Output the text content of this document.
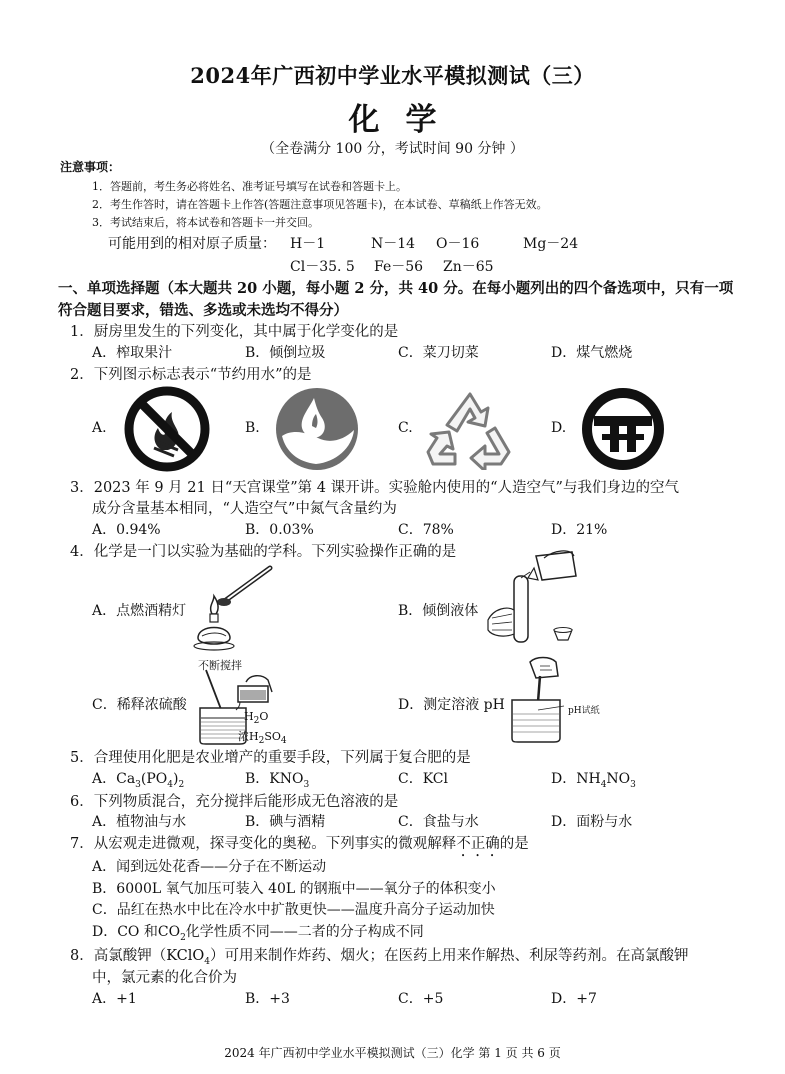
2024年广西初中学业水平模拟测试（三）
化学
（全卷满分 100 分，考试时间 90 分钟 ）
注意事项：
1．答题前，考生务必将姓名、准考证号填写在试卷和答题卡上。
2．考生作答时，请在答题卡上作答(答题注意事项见答题卡)，在本试卷、草稿纸上作答无效。
3．考试结束后，将本试卷和答题卡一并交回。
可能用到的相对原子质量： H－1	N－14 O－16	Mg－24
Cl－35. 5 Fe－56 Zn－65
一、单项选择题（本大题共 20 小题，每小题 2 分，共 40 分。在每小题列出的四个备选项中，只有一项符合题目要求，错选、多选或未选均不得分）
1．厨房里发生的下列变化，其中属于化学变化的是
A．榨取果汁	B．倾倒垃圾	C．菜刀切菜	D．煤气燃烧
2．下列图示标志表示“节约用水”的是
A.	B.	C.	D.
3．2023 年 9 月 21 日“天宫课堂”第 4 课开讲。实验舱内使用的“人造空气”与我们身边的空气
成分含量基本相同，“人造空气”中氮气含量约为
A．0.94%	B．0.03%	C．78%	D．21%
4．化学是一门以实验为基础的学科。下列实验操作正确的是
A．点燃酒精灯	B．倾倒液体
C．稀释浓硫酸	D．测定溶液 pH
不断搅拌
$H_2O$
浓$H_2SO_4$
pH试纸
5．合理使用化肥是农业增产的重要手段，下列属于复合肥的是
A．$Ca_3(PO_4)_2$	B．$KNO_3$	C．KCl	D．$NH_4NO_3$
6．下列物质混合，充分搅拌后能形成无色溶液的是
A．植物油与水	B．碘与酒精	C．食盐与水	D．面粉与水
7．从宏观走进微观，探寻变化的奥秘。下列事实的微观解释不正确的是
A．闻到远处花香——分子在不断运动
B．6000L 氧气加压可装入 40L 的钢瓶中——氧分子的体积变小
C．品红在热水中比在冷水中扩散更快——温度升高分子运动加快
D．CO 和$CO_2$化学性质不同——二者的分子构成不同
8．高氯酸钾（KClO$_4$）可用来制作炸药、烟火；在医药上用来作解热、利尿等药剂。在高氯酸钾
中，氯元素的化合价为
A．+1	B．+3	C．+5	D．+7
2024 年广西初中学业水平模拟测试（三）化学 第 1 页 共 6 页
